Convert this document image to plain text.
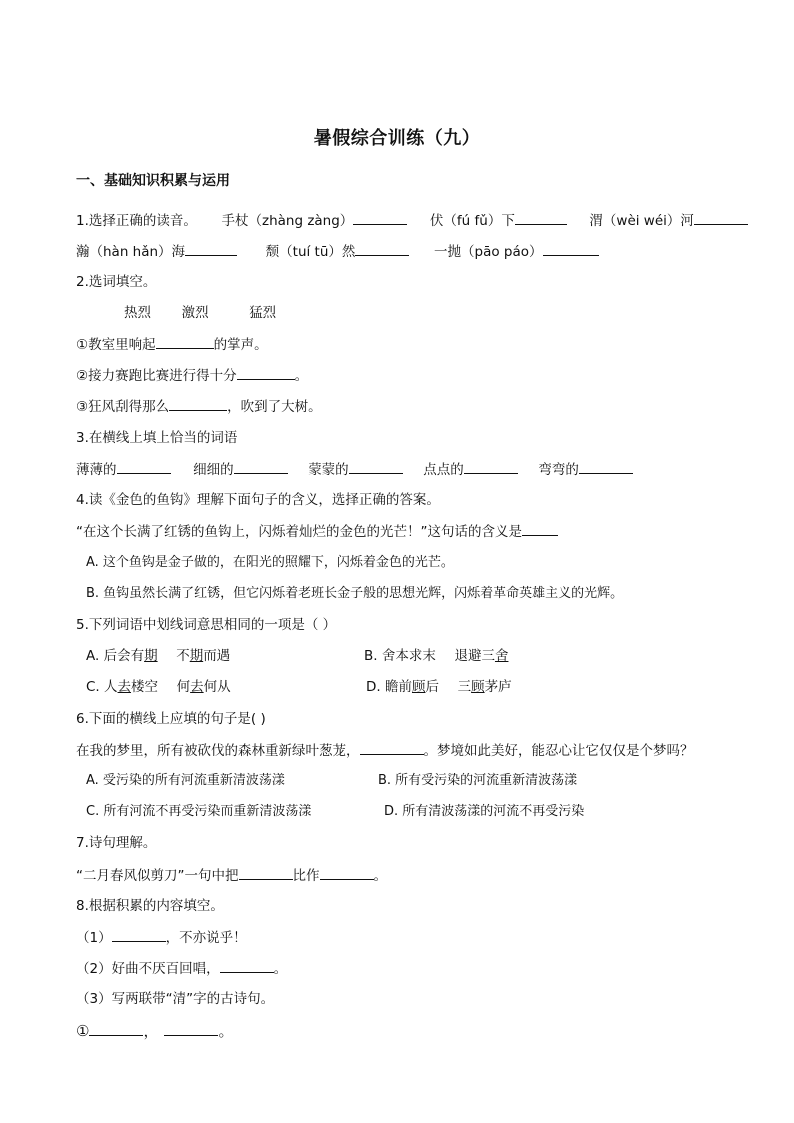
暑假综合训练（九）
一、基础知识积累与运用
1.选择正确的读音。 手杖（zhàng zàng）	伏（fú fǔ）下	渭（wèi wéi）河
瀚（hàn hǎn）海	颓（tuí tū）然	一抛（pāo páo）
2.选词填空。
热烈 激烈	猛烈
①教室里响起	的掌声。
②接力赛跑比赛进行得十分	。
③狂风刮得那么	，吹到了大树。
3.在横线上填上恰当的词语
薄薄的	细细的	蒙蒙的	点点的	弯弯的
4.读《金色的鱼钩》理解下面句子的含义，选择正确的答案。
“在这个长满了红锈的鱼钩上，闪烁着灿烂的金色的光芒！”这句话的含义是
A. 这个鱼钩是金子做的，在阳光的照耀下，闪烁着金色的光芒。
B. 鱼钩虽然长满了红锈，但它闪烁着老班长金子般的思想光辉，闪烁着革命英雄主义的光辉。
5.下列词语中划线词意思相同的一项是（ ）
A. 后会有期 不期而遇	B. 舍本求末 退避三舍
C. 人去楼空 何去何从	D. 瞻前顾后 三顾茅庐
6.下面的横线上应填的句子是( )
在我的梦里，所有被砍伐的森林重新绿叶葱茏，	。梦境如此美好，能忍心让它仅仅是个梦吗？
A. 受污染的所有河流重新清波荡漾	B. 所有受污染的河流重新清波荡漾
C. 所有河流不再受污染而重新清波荡漾	D. 所有清波荡漾的河流不再受污染
7.诗句理解。
“二月春风似剪刀”一句中把	比作	。
8.根据积累的内容填空。
（1）	，不亦说乎！
（2）好曲不厌百回唱，	。
（3）写两联带“清”字的古诗句。
①	，	。
